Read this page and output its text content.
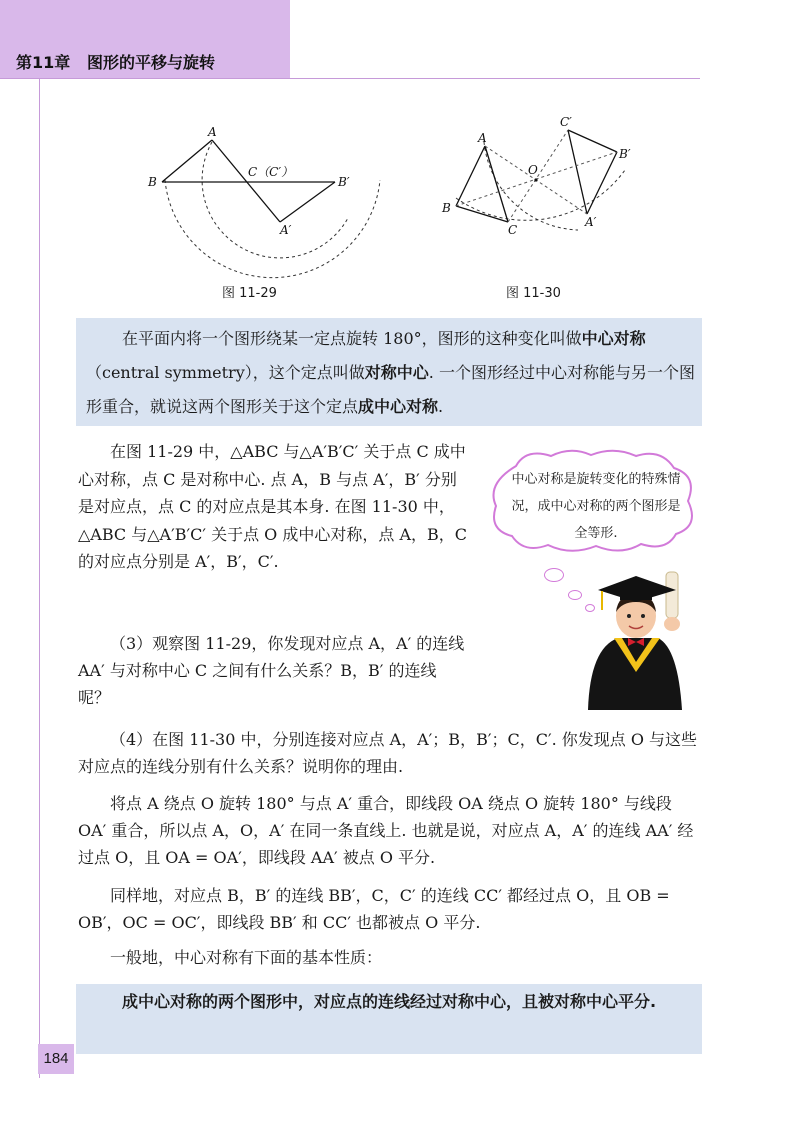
第11章 图形的平移与旋转
A
B
C（C′）
B′
A′
A
B
C
O
A′
B′
C′
图 11-29	图 11-30
在平面内将一个图形绕某一定点旋转 180°，图形的这种变化叫做中心对称（central symmetry），这个定点叫做对称中心. 一个图形经过中心对称能与另一个图形重合，就说这两个图形关于这个定点成中心对称.
在图 11-29 中，△ABC 与△A′B′C′ 关于点 C 成中心对称，点 C 是对称中心. 点 A，B 与点 A′，B′ 分别是对应点，点 C 的对应点是其本身. 在图 11-30 中，△ABC 与△A′B′C′ 关于点 O 成中心对称，点 A，B，C 的对应点分别是 A′，B′，C′.
（3）观察图 11-29，你发现对应点 A，A′ 的连线 AA′ 与对称中心 C 之间有什么关系？B，B′ 的连线呢？
（4）在图 11-30 中，分别连接对应点 A，A′；B，B′；C，C′. 你发现点 O 与这些对应点的连线分别有什么关系？说明你的理由.
将点 A 绕点 O 旋转 180° 与点 A′ 重合，即线段 OA 绕点 O 旋转 180° 与线段 OA′ 重合，所以点 A，O，A′ 在同一条直线上. 也就是说，对应点 A，A′ 的连线 AA′ 经过点 O，且 OA = OA′，即线段 AA′ 被点 O 平分.
同样地，对应点 B，B′ 的连线 BB′，C，C′ 的连线 CC′ 都经过点 O，且 OB = OB′，OC = OC′，即线段 BB′ 和 CC′ 也都被点 O 平分.
一般地，中心对称有下面的基本性质：
中心对称是旋转变化的特殊情况，成中心对称的两个图形是全等形.
成中心对称的两个图形中，对应点的连线经过对称中心，且被对称中心平分.
184
